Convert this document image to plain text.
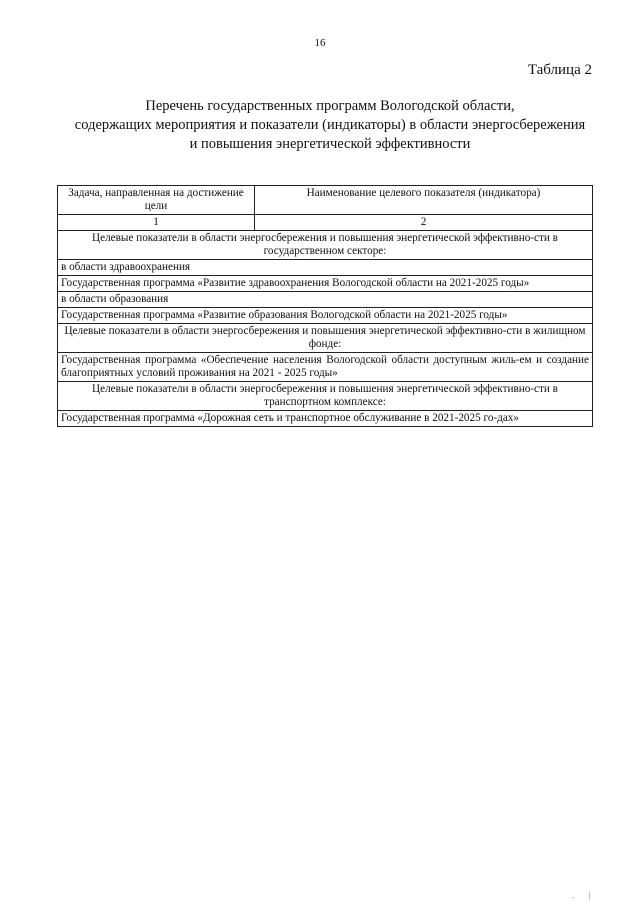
16
Таблица 2
Перечень государственных программ Вологодской области,
содержащих мероприятия и показатели (индикаторы) в области энергосбережения
и повышения энергетической эффективности
Задача, направленная на достижение цели	Наименование целевого показателя (индикатора)
1	2
Целевые показатели в области энергосбережения и повышения энергетической эффективно-сти в государственном секторе:	
в области здравоохранения	
Государственная программа «Развитие здравоохранения Вологодской области на 2021-2025 годы»	
в области образования	
Государственная программа «Развитие образования Вологодской области на 2021-2025 годы»	
Целевые показатели в области энергосбережения и повышения энергетической эффективно-сти в жилищном фонде:	
Государственная программа «Обеспечение населения Вологодской области доступным жиль-ем и создание благоприятных условий проживания на 2021 - 2025 годы»	
Целевые показатели в области энергосбережения и повышения энергетической эффективно-сти в транспортном комплексе:	
Государственная программа «Дорожная сеть и транспортное обслуживание в 2021-2025 го-дах»	
. |
